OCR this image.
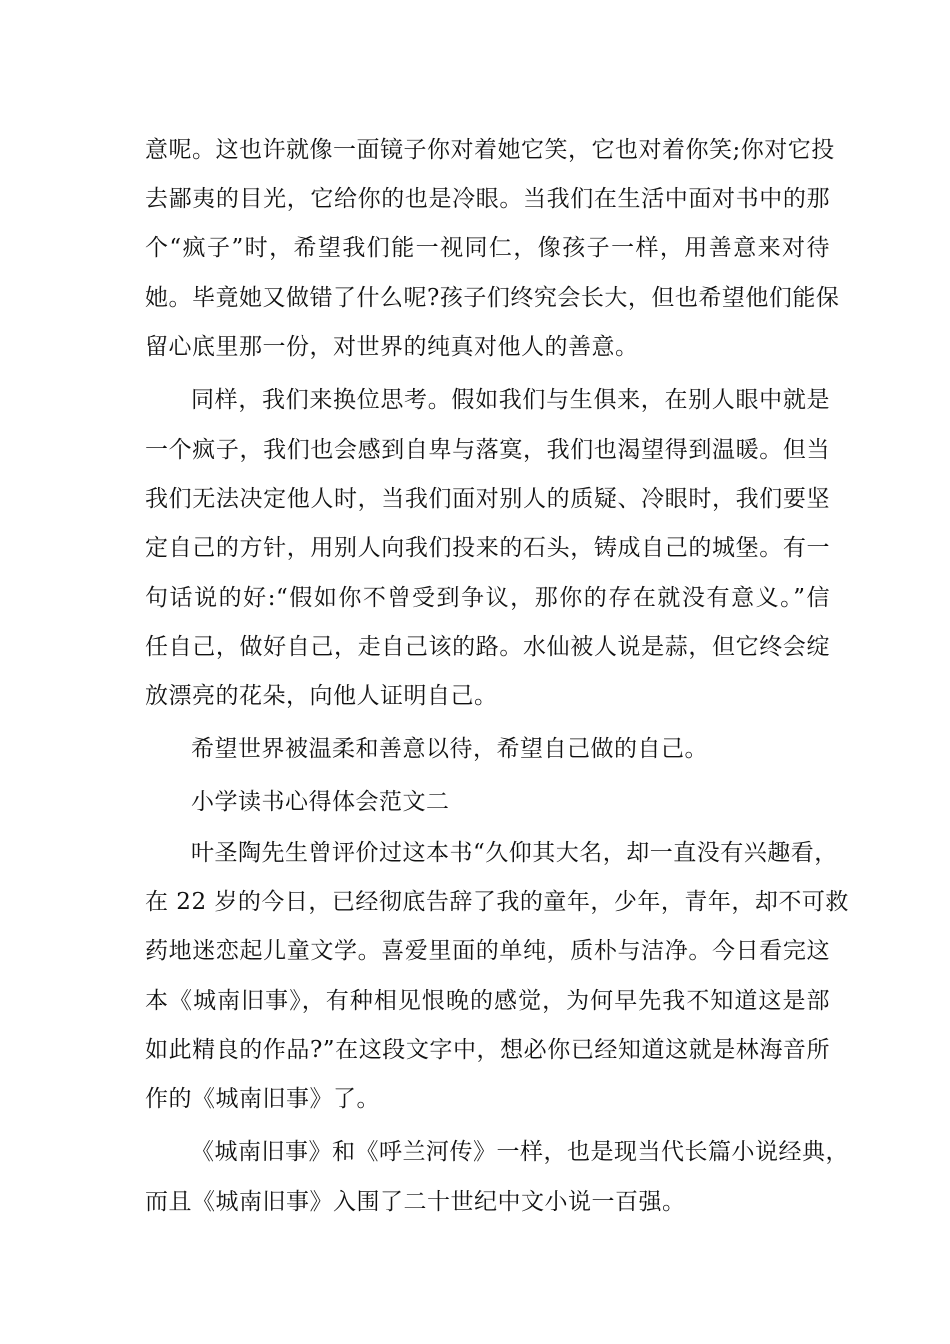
意呢。这也许就像一面镜子你对着她它笑，它也对着你笑;你对它投
去鄙夷的目光，它给你的也是冷眼。当我们在生活中面对书中的那
个“疯子”时，希望我们能一视同仁，像孩子一样，用善意来对待
她。毕竟她又做错了什么呢?孩子们终究会长大，但也希望他们能保
留心底里那一份，对世界的纯真对他人的善意。
同样，我们来换位思考。假如我们与生俱来，在别人眼中就是
一个疯子，我们也会感到自卑与落寞，我们也渴望得到温暖。但当
我们无法决定他人时，当我们面对别人的质疑、冷眼时，我们要坚
定自己的方针，用别人向我们投来的石头，铸成自己的城堡。有一
句话说的好:“假如你不曾受到争议，那你的存在就没有意义。”信
任自己，做好自己，走自己该的路。水仙被人说是蒜，但它终会绽
放漂亮的花朵，向他人证明自己。
希望世界被温柔和善意以待，希望自己做的自己。
小学读书心得体会范文二
叶圣陶先生曾评价过这本书“久仰其大名，却一直没有兴趣看，
在 22 岁的今日，已经彻底告辞了我的童年，少年，青年，却不可救
药地迷恋起儿童文学。喜爱里面的单纯，质朴与洁净。今日看完这
本《城南旧事》，有种相见恨晚的感觉，为何早先我不知道这是部
如此精良的作品?”在这段文字中，想必你已经知道这就是林海音所
作的《城南旧事》了。
《城南旧事》和《呼兰河传》一样，也是现当代长篇小说经典，
而且《城南旧事》入围了二十世纪中文小说一百强。
